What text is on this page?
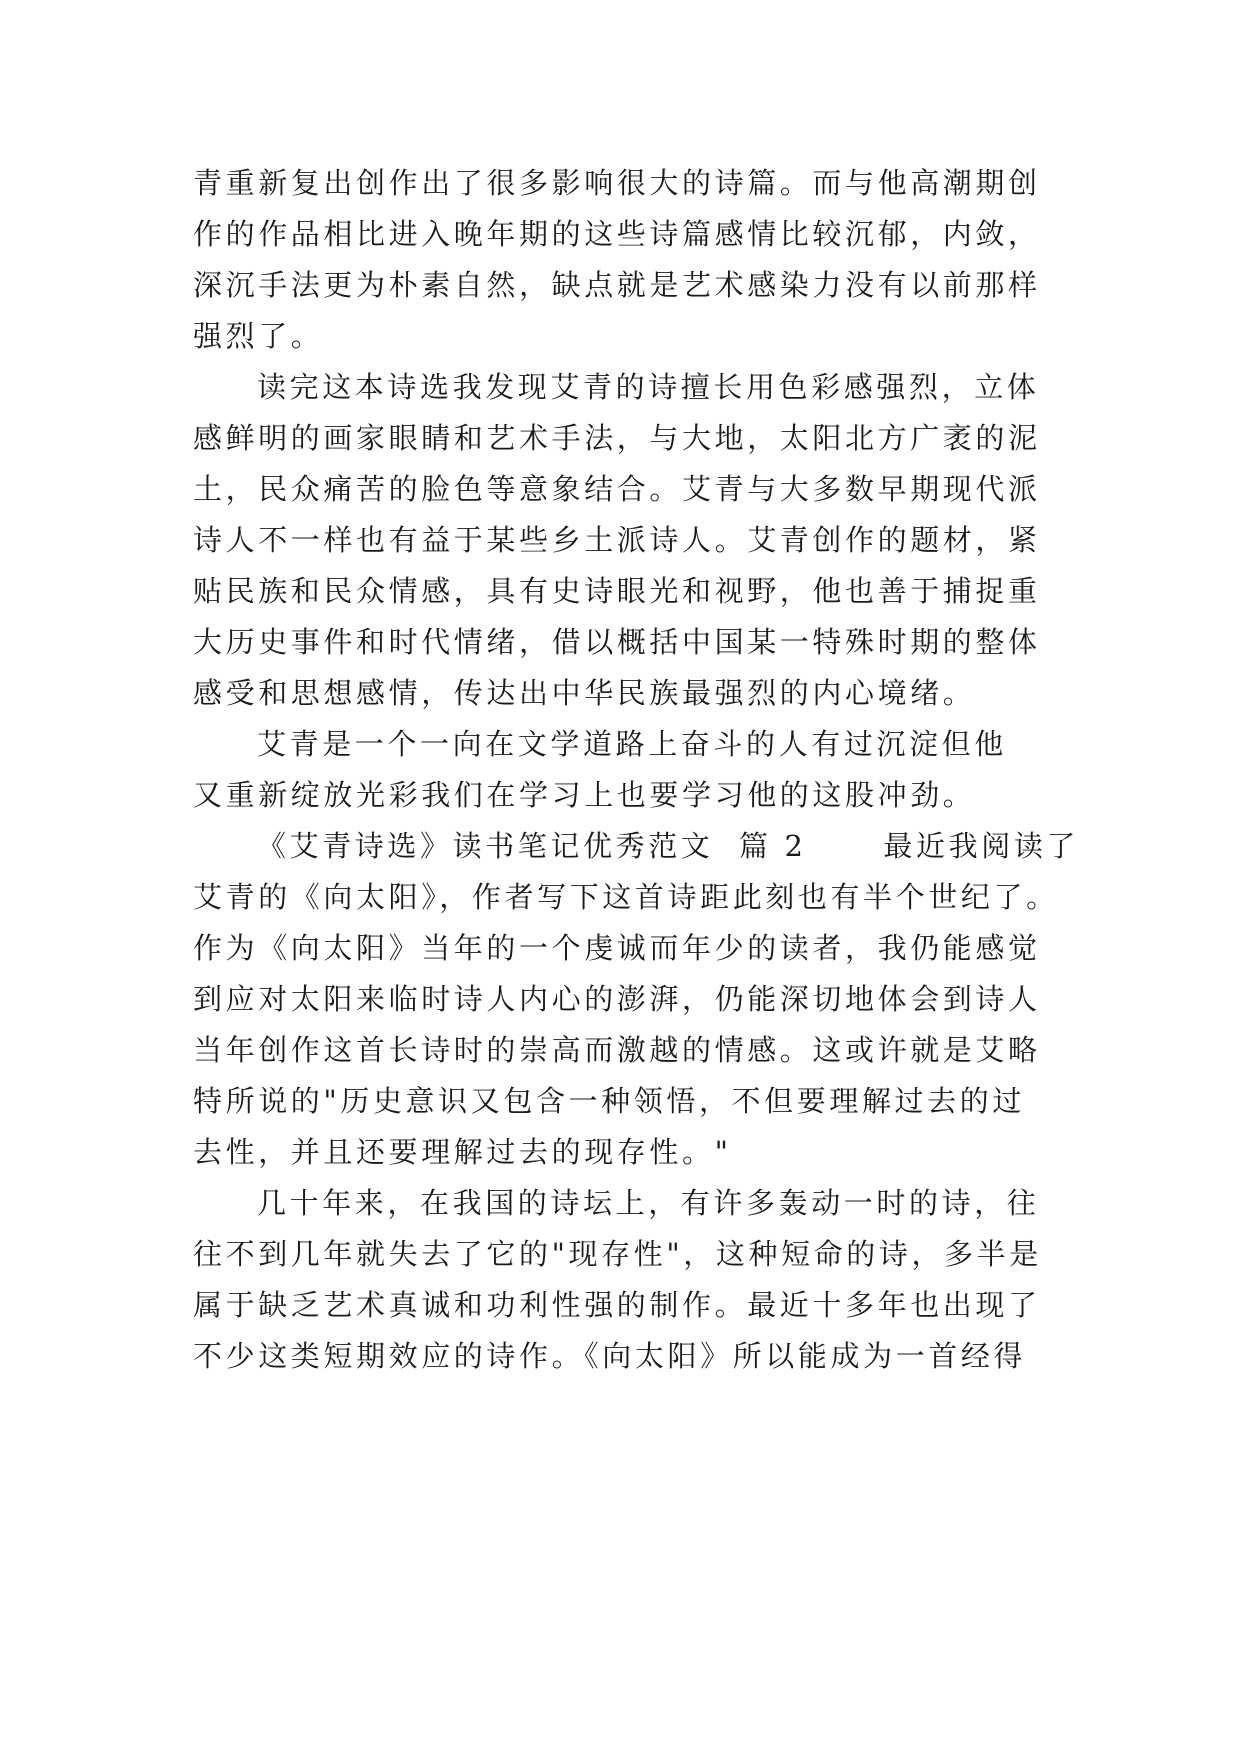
青重新复出创作出了很多影响很大的诗篇。而与他高潮期创
作的作品相比进入晚年期的这些诗篇感情比较沉郁，内敛，
深沉手法更为朴素自然，缺点就是艺术感染力没有以前那样
强烈了。
读完这本诗选我发现艾青的诗擅长用色彩感强烈，立体
感鲜明的画家眼睛和艺术手法，与大地，太阳北方广袤的泥
土，民众痛苦的脸色等意象结合。艾青与大多数早期现代派
诗人不一样也有益于某些乡土派诗人。艾青创作的题材，紧
贴民族和民众情感，具有史诗眼光和视野，他也善于捕捉重
大历史事件和时代情绪，借以概括中国某一特殊时期的整体
感受和思想感情，传达出中华民族最强烈的内心境绪。
艾青是一个一向在文学道路上奋斗的人有过沉淀但他
又重新绽放光彩我们在学习上也要学习他的这股冲劲。
《艾青诗选》读书笔记优秀范文  篇 2      最近我阅读了
艾青的《向太阳》，作者写下这首诗距此刻也有半个世纪了。
作为《向太阳》当年的一个虔诚而年少的读者，我仍能感觉
到应对太阳来临时诗人内心的澎湃，仍能深切地体会到诗人
当年创作这首长诗时的崇高而激越的情感。这或许就是艾略
特所说的"历史意识又包含一种领悟，不但要理解过去的过
去性，并且还要理解过去的现存性。"
几十年来，在我国的诗坛上，有许多轰动一时的诗，往
往不到几年就失去了它的"现存性"，这种短命的诗，多半是
属于缺乏艺术真诚和功利性强的制作。最近十多年也出现了
不少这类短期效应的诗作。《向太阳》所以能成为一首经得
